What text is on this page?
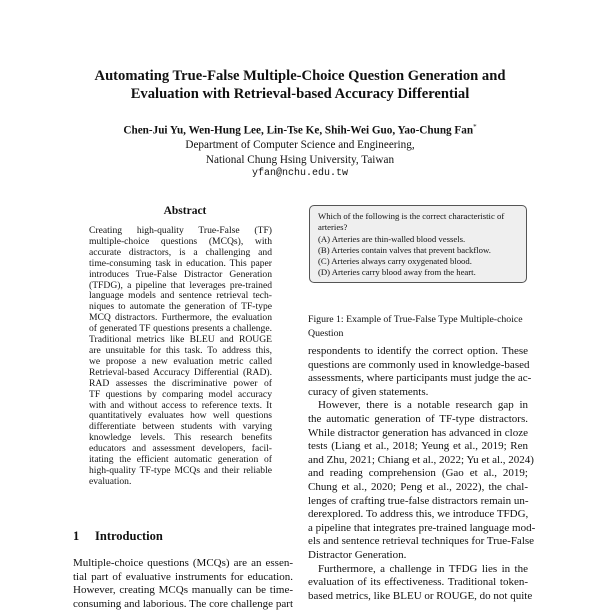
Automating True-False Multiple-Choice Question Generation and
Evaluation with Retrieval-based Accuracy Differential
Chen-Jui Yu, Wen-Hung Lee, Lin-Tse Ke, Shih-Wei Guo, Yao-Chung Fan*
Department of Computer Science and Engineering,
National Chung Hsing University, Taiwan
yfan@nchu.edu.tw
Abstract
Creating high-quality True-False (TF)
multiple-choice questions (MCQs), with
accurate distractors, is a challenging and
time-consuming task in education. This paper
introduces True-False Distractor Generation
(TFDG), a pipeline that leverages pre-trained
language models and sentence retrieval tech-
niques to automate the generation of TF-type
MCQ distractors. Furthermore, the evaluation
of generated TF questions presents a challenge.
Traditional metrics like BLEU and ROUGE
are unsuitable for this task. To address this,
we propose a new evaluation metric called
Retrieval-based Accuracy Differential (RAD).
RAD assesses the discriminative power of
TF questions by comparing model accuracy
with and without access to reference texts. It
quantitatively evaluates how well questions
differentiate between students with varying
knowledge levels. This research benefits
educators and assessment developers, facil-
itating the efficient automatic generation of
high-quality TF-type MCQs and their reliable
evaluation.
1 Introduction
Multiple-choice questions (MCQs) are an essen-
tial part of evaluative instruments for education.
However, creating MCQs manually can be time-
consuming and laborious. The core challenge part
Which of the following is the correct characteristic of
arteries?
(A) Arteries are thin-walled blood vessels.
(B) Arteries contain valves that prevent backflow.
(C) Arteries always carry oxygenated blood.
(D) Arteries carry blood away from the heart.
Figure 1: Example of True-False Type Multiple-choice
Question
respondents to identify the correct option. These
questions are commonly used in knowledge-based
assessments, where participants must judge the ac-
curacy of given statements.
However, there is a notable research gap in
the automatic generation of TF-type distractors.
While distractor generation has advanced in cloze
tests (Liang et al., 2018; Yeung et al., 2019; Ren
and Zhu, 2021; Chiang et al., 2022; Yu et al., 2024)
and reading comprehension (Gao et al., 2019;
Chung et al., 2020; Peng et al., 2022), the chal-
lenges of crafting true-false distractors remain un-
derexplored. To address this, we introduce TFDG,
a pipeline that integrates pre-trained language mod-
els and sentence retrieval techniques for True-False
Distractor Generation.
Furthermore, a challenge in TFDG lies in the
evaluation of its effectiveness. Traditional token-
based metrics, like BLEU or ROUGE, do not quite
